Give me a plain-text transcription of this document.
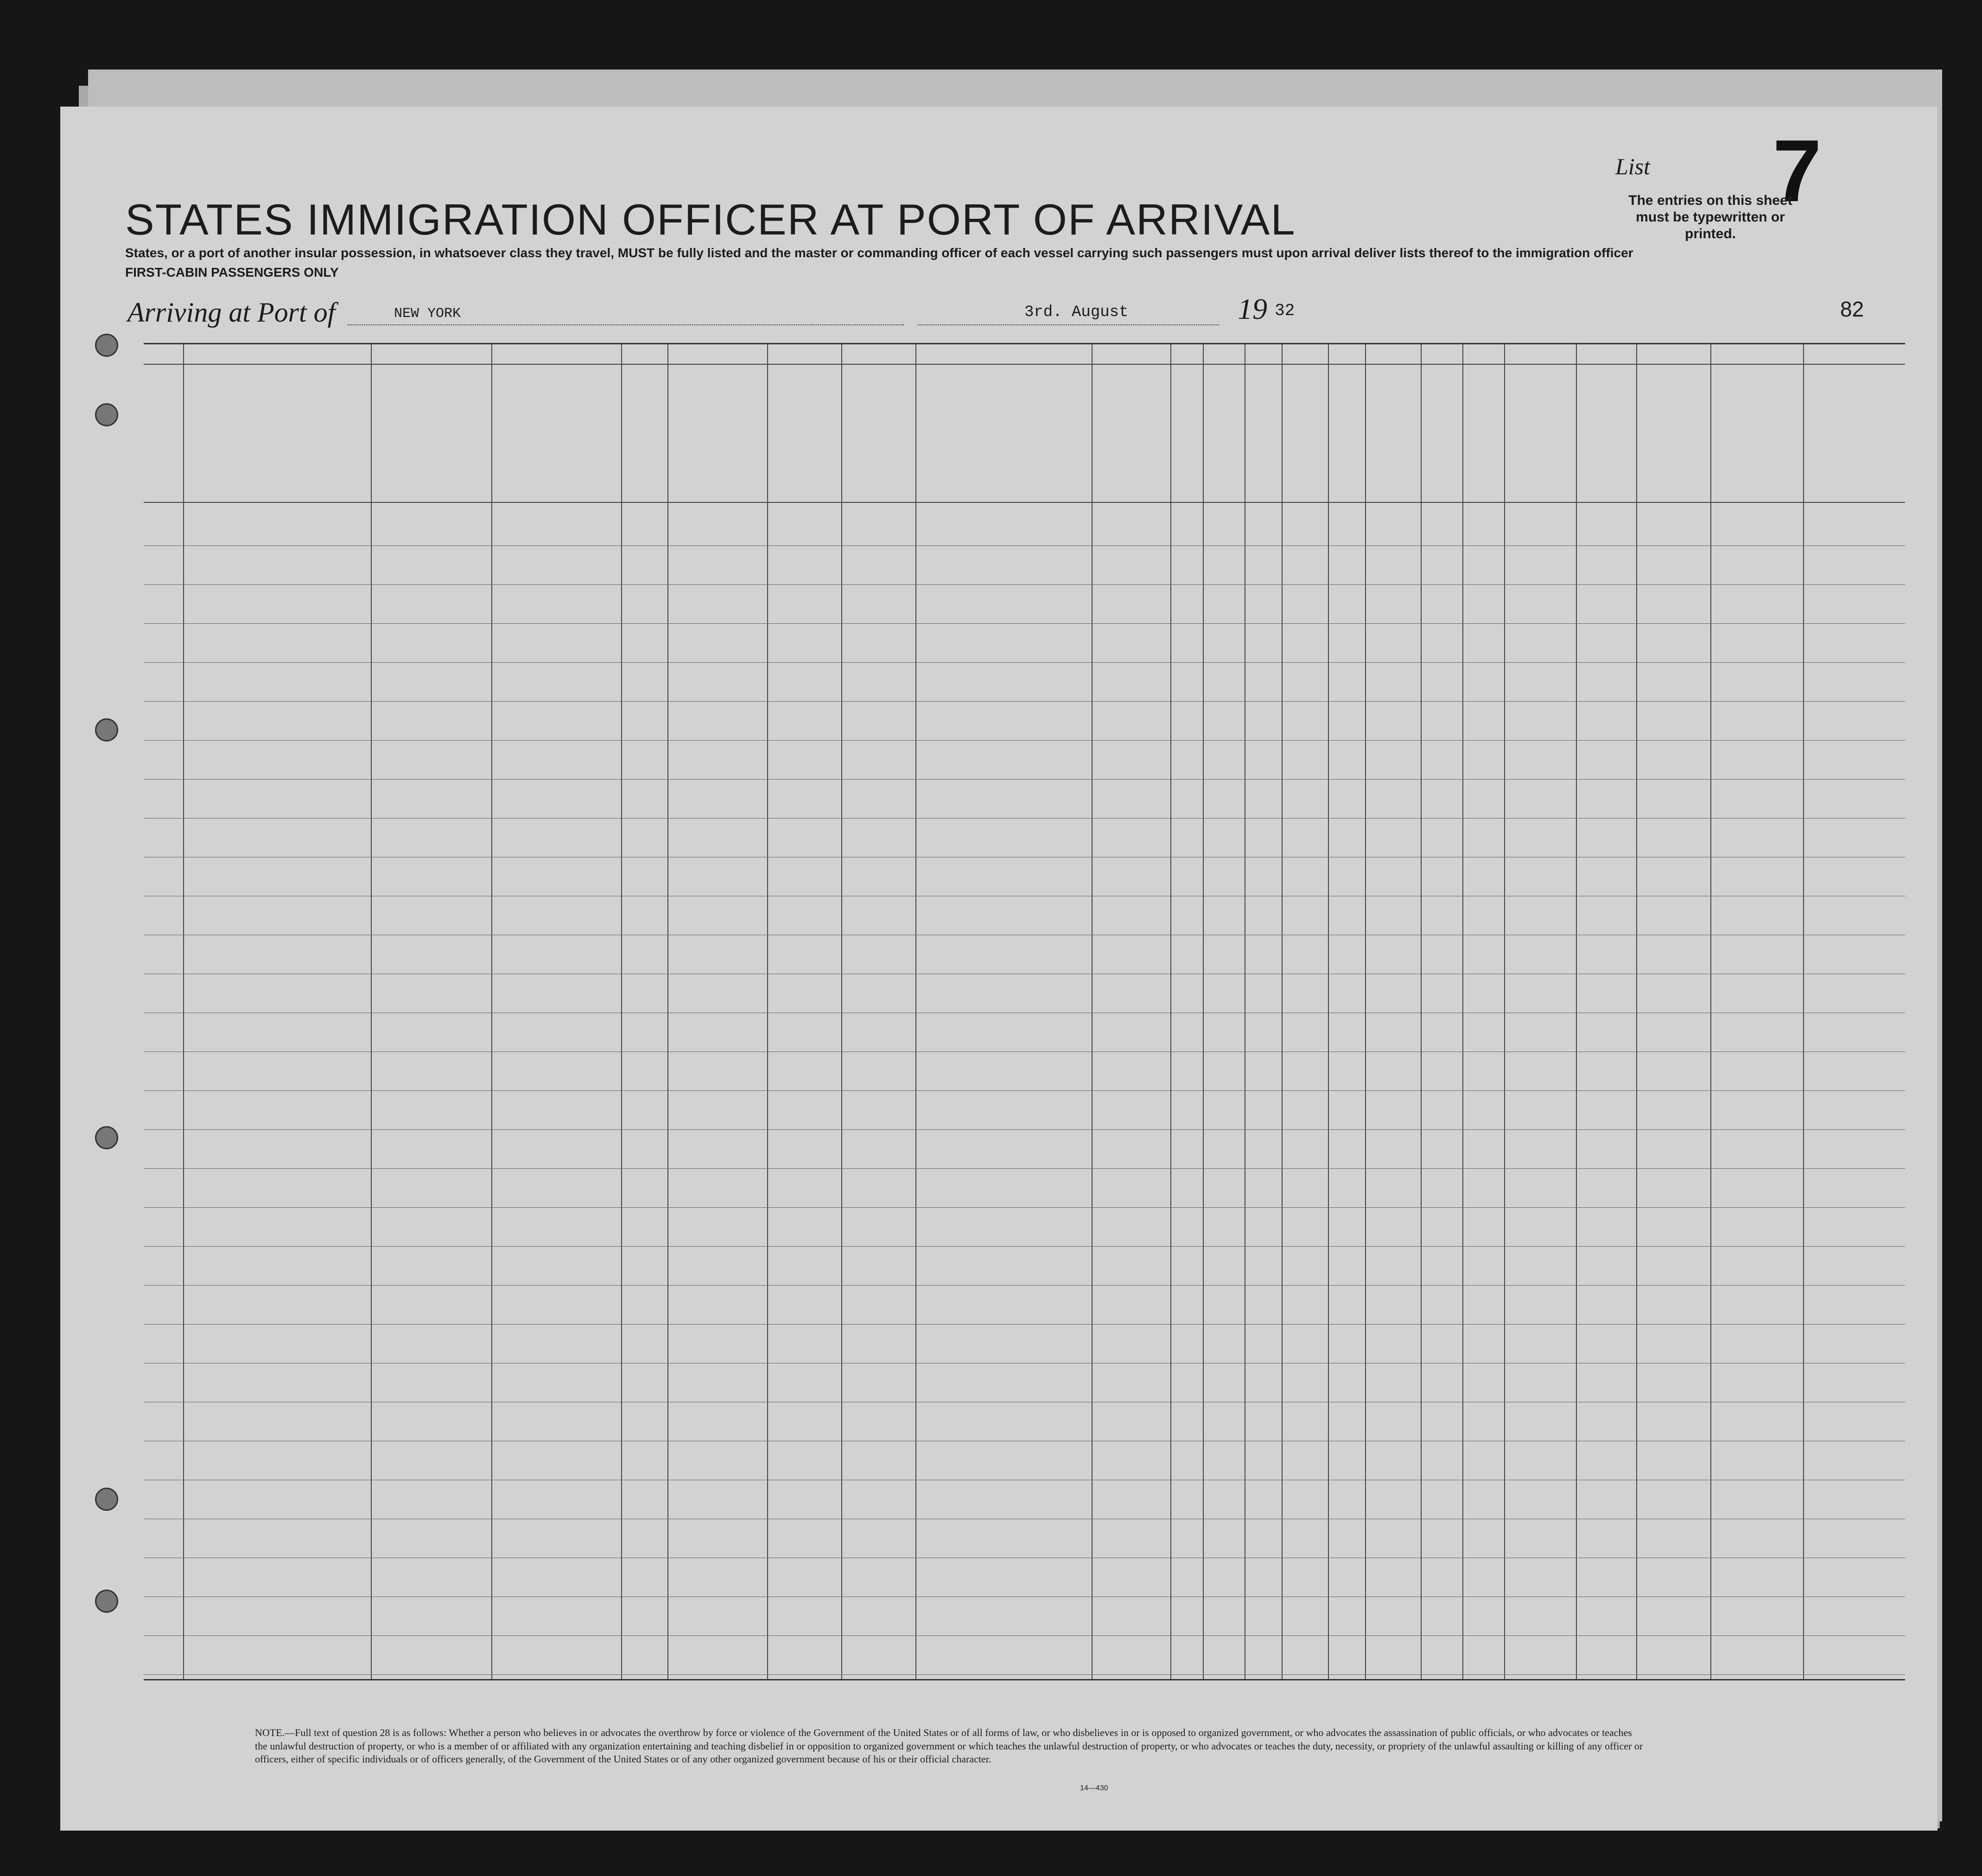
List 7
The entries on this sheet must be typewritten or printed.
STATES IMMIGRATION OFFICER AT PORT OF ARRIVAL
States, or a port of another insular possession, in whatsoever class they travel, MUST be fully listed and the master or commanding officer of each vessel carrying such passengers must upon arrival deliver lists thereof to the immigration officer
FIRST-CABIN PASSENGERS ONLY
Arriving at Port of	NEW YORK	3rd. August	19 32	82
NOTE.—Full text of question 28 is as follows: Whether a person who believes in or advocates the overthrow by force or violence of the Government of the United States or of all forms of law, or who disbelieves in or is opposed to organized government, or who advocates the assassination of public officials, or who advocates or teaches the unlawful destruction of property, or who is a member of or affiliated with any organization entertaining and teaching disbelief in or opposition to organized government or which teaches the unlawful destruction of property, or who advocates or teaches the duty, necessity, or propriety of the unlawful assaulting or killing of any officer or officers, either of specific individuals or of officers generally, of the Government of the United States or of any other organized government because of his or their official character.
14—430
